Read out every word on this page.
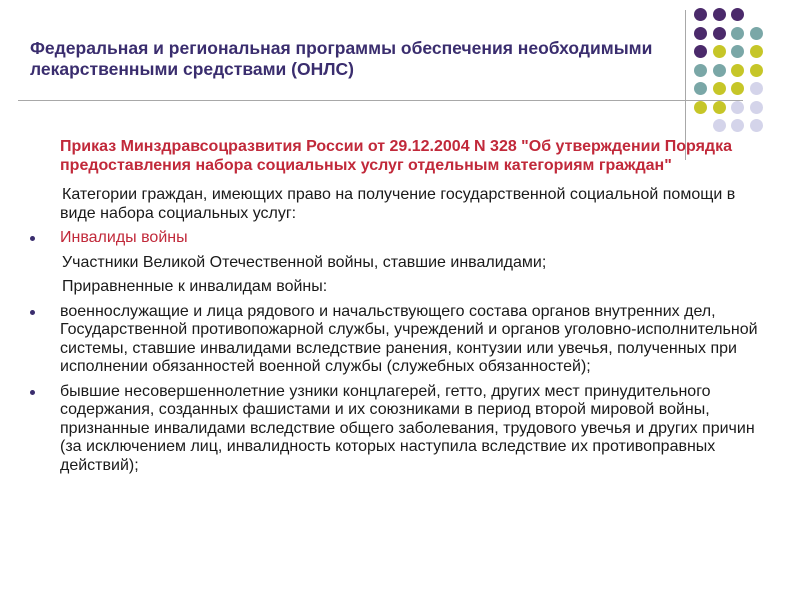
Федеральная и региональная программы обеспечения необходимыми лекарственными средствами (ОНЛС)
Приказ Минздравсоцразвития России от 29.12.2004 N 328 "Об утверждении Порядка предоставления набора социальных услуг отдельным категориям граждан"
Категории граждан, имеющих право на получение государственной социальной помощи в виде набора социальных услуг:
Инвалиды войны
Участники Великой Отечественной войны, ставшие инвалидами;
Приравненные к инвалидам войны:
военнослужащие и лица рядового и начальствующего состава органов внутренних дел, Государственной противопожарной службы, учреждений и органов уголовно-исполнительной системы, ставшие инвалидами вследствие ранения, контузии или увечья, полученных при исполнении обязанностей военной службы (служебных обязанностей);
бывшие несовершеннолетние узники концлагерей, гетто, других мест принудительного содержания, созданных фашистами и их союзниками в период второй мировой войны, признанные инвалидами вследствие общего заболевания, трудового увечья и других причин (за исключением лиц, инвалидность которых наступила вследствие их противоправных действий);
